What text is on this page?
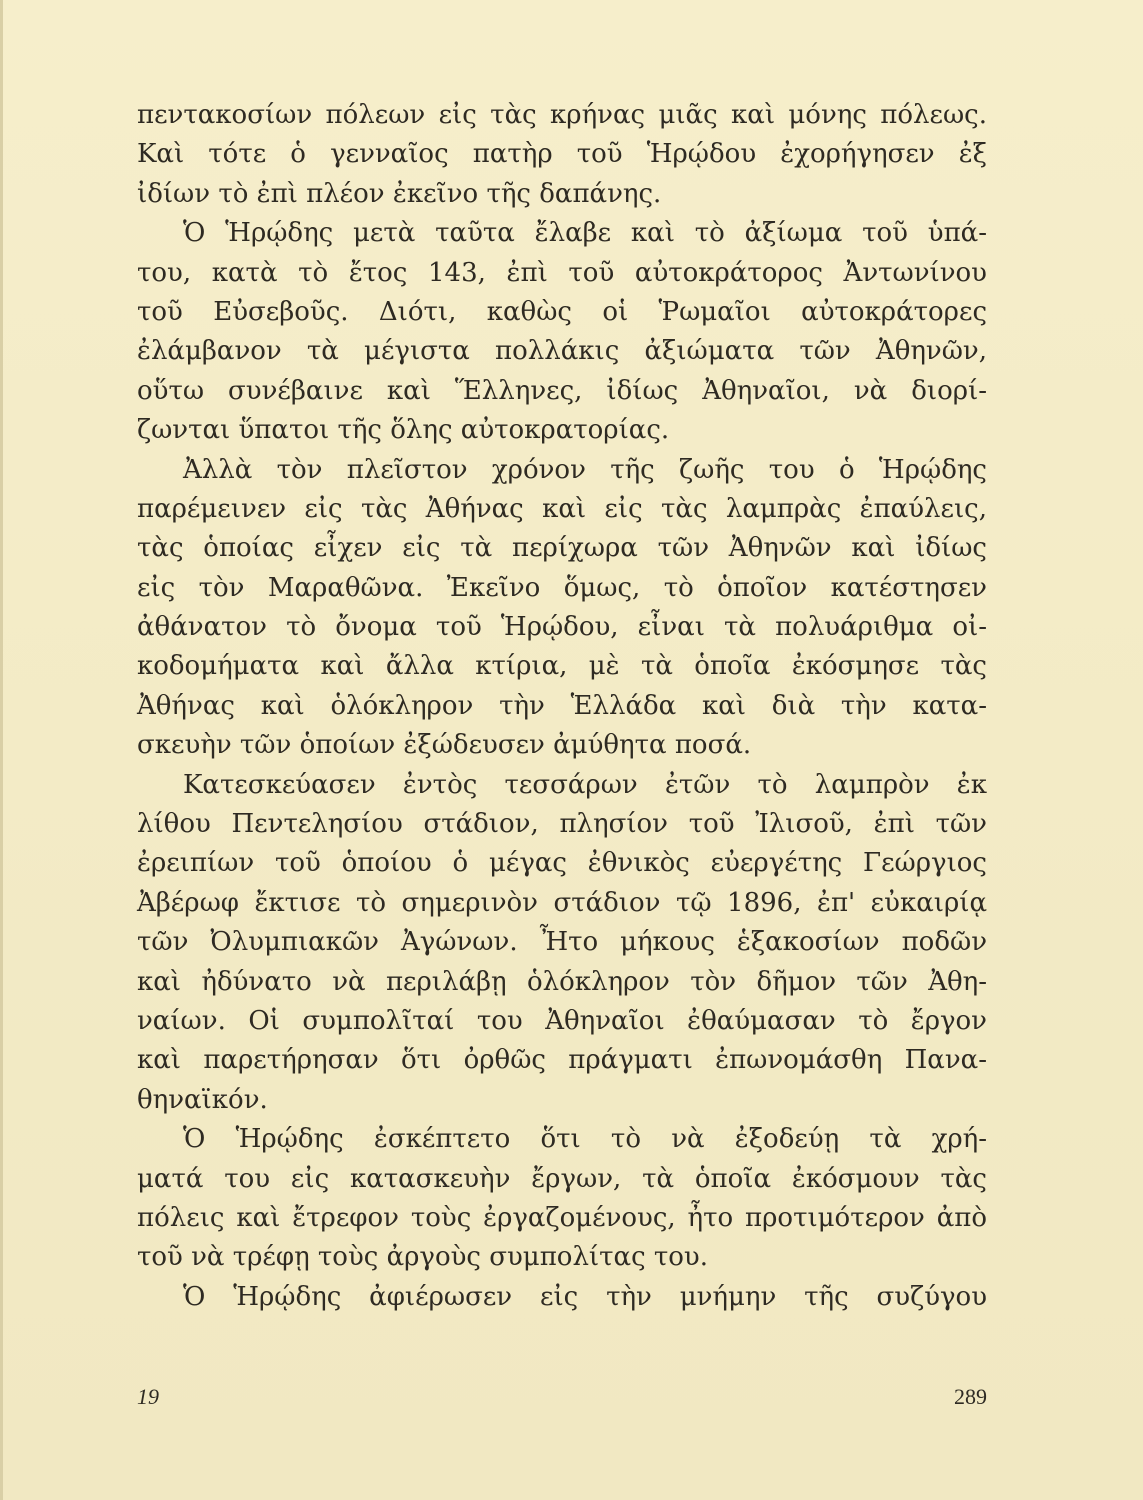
πεντακοσίων πόλεων εἰς τὰς κρήνας μιᾶς καὶ μόνης πόλεως.
Καὶ τότε ὁ γενναῖος πατὴρ τοῦ Ἡρῴδου ἐχορήγησεν ἐξ
ἰδίων τὸ ἐπὶ πλέον ἐκεῖνο τῆς δαπάνης.
Ὁ Ἡρῴδης μετὰ ταῦτα ἔλαβε καὶ τὸ ἀξίωμα τοῦ ὑπά-
του, κατὰ τὸ ἔτος 143, ἐπὶ τοῦ αὐτοκράτορος Ἀντωνίνου
τοῦ Εὐσεβοῦς. Διότι, καθὼς οἱ Ῥωμαῖοι αὐτοκράτορες
ἐλάμβανον τὰ μέγιστα πολλάκις ἀξιώματα τῶν Ἀθηνῶν,
οὕτω συνέβαινε καὶ Ἕλληνες, ἰδίως Ἀθηναῖοι, νὰ διορί-
ζωνται ὕπατοι τῆς ὅλης αὐτοκρατορίας.
Ἀλλὰ τὸν πλεῖστον χρόνον τῆς ζωῆς του ὁ Ἡρῴδης
παρέμεινεν εἰς τὰς Ἀθήνας καὶ εἰς τὰς λαμπρὰς ἐπαύλεις,
τὰς ὁποίας εἶχεν εἰς τὰ περίχωρα τῶν Ἀθηνῶν καὶ ἰδίως
εἰς τὸν Μαραθῶνα. Ἐκεῖνο ὅμως, τὸ ὁποῖον κατέστησεν
ἀθάνατον τὸ ὄνομα τοῦ Ἡρῴδου, εἶναι τὰ πολυάριθμα οἰ-
κοδομήματα καὶ ἄλλα κτίρια, μὲ τὰ ὁποῖα ἐκόσμησε τὰς
Ἀθήνας καὶ ὁλόκληρον τὴν Ἑλλάδα καὶ διὰ τὴν κατα-
σκευὴν τῶν ὁποίων ἐξώδευσεν ἀμύθητα ποσά.
Κατεσκεύασεν ἐντὸς τεσσάρων ἐτῶν τὸ λαμπρὸν ἐκ
λίθου Πεντελησίου στάδιον, πλησίον τοῦ Ἰλισοῦ, ἐπὶ τῶν
ἐρειπίων τοῦ ὁποίου ὁ μέγας ἐθνικὸς εὐεργέτης Γεώργιος
Ἀβέρωφ ἔκτισε τὸ σημερινὸν στάδιον τῷ 1896, ἐπ' εὐκαιρίᾳ
τῶν Ὀλυμπιακῶν Ἀγώνων. Ἦτο μήκους ἑξακοσίων ποδῶν
καὶ ἠδύνατο νὰ περιλάβῃ ὁλόκληρον τὸν δῆμον τῶν Ἀθη-
ναίων. Οἱ συμπολῖταί του Ἀθηναῖοι ἐθαύμασαν τὸ ἔργον
καὶ παρετήρησαν ὅτι ὀρθῶς πράγματι ἐπωνομάσθη Πανα-
θηναϊκόν.
Ὁ Ἡρῴδης ἐσκέπτετο ὅτι τὸ νὰ ἐξοδεύῃ τὰ χρή-
ματά του εἰς κατασκευὴν ἔργων, τὰ ὁποῖα ἐκόσμουν τὰς
πόλεις καὶ ἔτρεφον τοὺς ἐργαζομένους, ἦτο προτιμότερον ἀπὸ
τοῦ νὰ τρέφῃ τοὺς ἀργοὺς συμπολίτας του.
Ὁ Ἡρῴδης ἀφιέρωσεν εἰς τὴν μνήμην τῆς συζύγου
19	289
